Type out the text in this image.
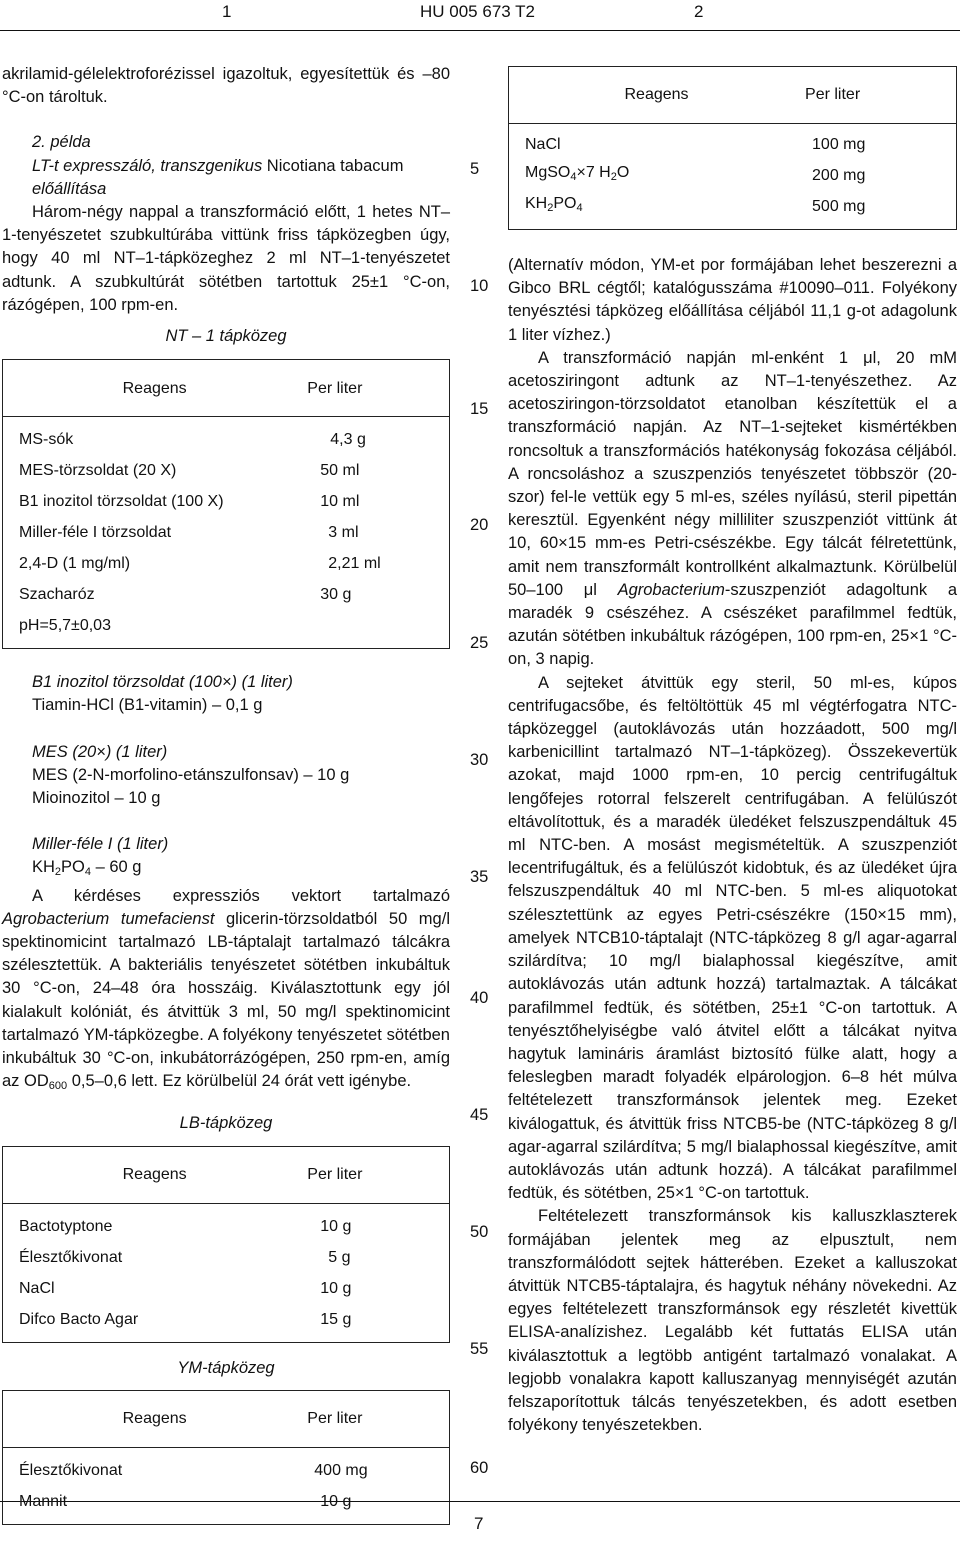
1	HU 005 673 T2	2

akrilamid-gélelektroforézissel igazoltuk, egyesítettük és –80 °C-on tároltuk.

2. példa

LT-t expresszáló, transzgenikus Nicotiana tabacum előállítása

Három-négy nappal a transzformáció előtt, 1 hetes NT–1-tenyészetet szubkultúrába vittünk friss tápközegben úgy, hogy 40 ml NT–1-tápközeghez 2 ml NT–1-tenyészetet adtunk. A szubkultúrát sötétben tartottuk 25±1 °C-on, rázógépen, 100 rpm-en.

NT – 1 tápközeg

Reagens	Per liter
MS-sók	4,3 g
MES-törzsoldat (20 X)	50 ml
B1 inozitol törzsoldat (100 X)	10 ml
Miller-féle I törzsoldat	3 ml
2,4-D (1 mg/ml)	2,21 ml
Szacharóz	30 g
pH=5,7±0,03	

B1 inozitol törzsoldat (100×) (1 liter)

Tiamin-HCl (B1-vitamin) – 0,1 g

MES (20×) (1 liter)

MES (2-N-morfolino-etánszulfonsav) – 10 g

Mioinozitol – 10 g

Miller-féle I (1 liter)

$KH_2PO_4 - 60$ g

A kérdéses expressziós vektort tartalmazó Agrobacterium tumefacienst glicerin-törzsoldatból 50 mg/l spektinomicint tartalmazó LB-táptalajt tartalmazó tálcákra szélesztettük. A bakteriális tenyészetet sötétben inkubáltuk 30 °C-on, 24–48 óra hosszáig. Kiválasztottunk egy jól kialakult kolóniát, és átvittük 3 ml, 50 mg/l spektinomicint tartalmazó YM-tápközegbe. A folyékony tenyészetet sötétben inkubáltuk 30 °C-on, inkubátorrázógépen, 250 rpm-en, amíg az $OD_{600}$ 0,5–0,6 lett. Ez körülbelül 24 órát vett igénybe.

LB-tápközeg

Reagens	Per liter
Bactotyptone	10 g
Élesztőkivonat	5 g
NaCl	10 g
Difco Bacto Agar	15 g

YM-tápközeg

Reagens	Per liter
Élesztőkivonat	400 mg
Mannit	10 g
5
10
15
20
25
30
35
40
45
50
55
60
Reagens	Per liter
NaCl	100 mg
MgSO$_4$×7 $H_2O$	200 mg
$KH_2PO_4$	500 mg

(Alternatív módon, YM-et por formájában lehet beszerezni a Gibco BRL cégtől; katalógusszáma #10090–011. Folyékony tenyésztési tápközeg előállítása céljából 11,1 g-ot adagolunk 1 liter vízhez.)

A transzformáció napján ml-enként 1 μl, 20 mM acetosziringont adtunk az NT–1-tenyészethez. Az acetosziringon-törzsoldatot etanolban készítettük el a transzformáció napján. Az NT–1-sejteket kismértékben roncsoltuk a transzformációs hatékonyság fokozása céljából. A roncsoláshoz a szuszpenziós tenyészetet többször (20-szor) fel-le vettük egy 5 ml-es, széles nyílású, steril pipettán keresztül. Egyenként négy milliliter szuszpenziót vittünk át 10, 60×15 mm-es Petri-csészékbe. Egy tálcát félretettünk, amit nem transzformált kontrollként alkalmaztunk. Körülbelül 50–100 μl Agrobacterium-szuszpenziót adagoltunk a maradék 9 csészéhez. A csészéket parafilmmel fedtük, azután sötétben inkubáltuk rázógépen, 100 rpm-en, 25×1 °C-on, 3 napig.

A sejteket átvittük egy steril, 50 ml-es, kúpos centrifugacsőbe, és feltöltöttük 45 ml végtérfogatra NTC-tápközeggel (autoklávozás után hozzáadott, 500 mg/l karbenicillint tartalmazó NT–1-tápközeg). Összekevertük azokat, majd 1000 rpm-en, 10 percig centrifugáltuk lengőfejes rotorral felszerelt centrifugában. A felülúszót eltávolítottuk, és a maradék üledéket felszuszpendáltuk 45 ml NTC-ben. A mosást megismételtük. A szuszpenziót lecentrifugáltuk, és a felülúszót kidobtuk, és az üledéket újra felszuszpendáltuk 40 ml NTC-ben. 5 ml-es aliquotokat szélesztettünk az egyes Petri-csészékre (150×15 mm), amelyek NTCB10-táptalajt (NTC-tápközeg 8 g/l agar-agarral szilárdítva; 10 mg/l bialaphossal kiegészítve, amit autoklávozás után adtunk hozzá) tartalmaztak. A tálcákat parafilmmel fedtük, és sötétben, 25±1 °C-on tartottuk. A tenyésztőhelyiségbe való átvitel előtt a tálcákat nyitva hagytuk lamináris áramlást biztosító fülke alatt, hogy a feleslegben maradt folyadék elpárologjon. 6–8 hét múlva feltételezett transzformánsok jelentek meg. Ezeket kiválogattuk, és átvittük friss NTCB5-be (NTC-tápközeg 8 g/l agar-agarral szilárdítva; 5 mg/l bialaphossal kiegészítve, amit autoklávozás után adtunk hozzá). A tálcákat parafilmmel fedtük, és sötétben, 25×1 °C-on tartottuk.

Feltételezett transzformánsok kis kalluszklaszterek formájában jelentek meg az elpusztult, nem transzformálódott sejtek hátterében. Ezeket a kalluszokat átvittük NTCB5-táptalajra, és hagytuk néhány növekedni. Az egyes feltételezett transzformánsok egy részletét kivettük ELISA-analízishez. Legalább két futtatás ELISA után kiválasztottuk a legtöbb antigént tartalmazó vonalakat. A legjobb vonalakra kapott kalluszanyag mennyiségét azután felszaporítottuk tálcás tenyészetekben, és adott esetben folyékony tenyészetekben.

7
